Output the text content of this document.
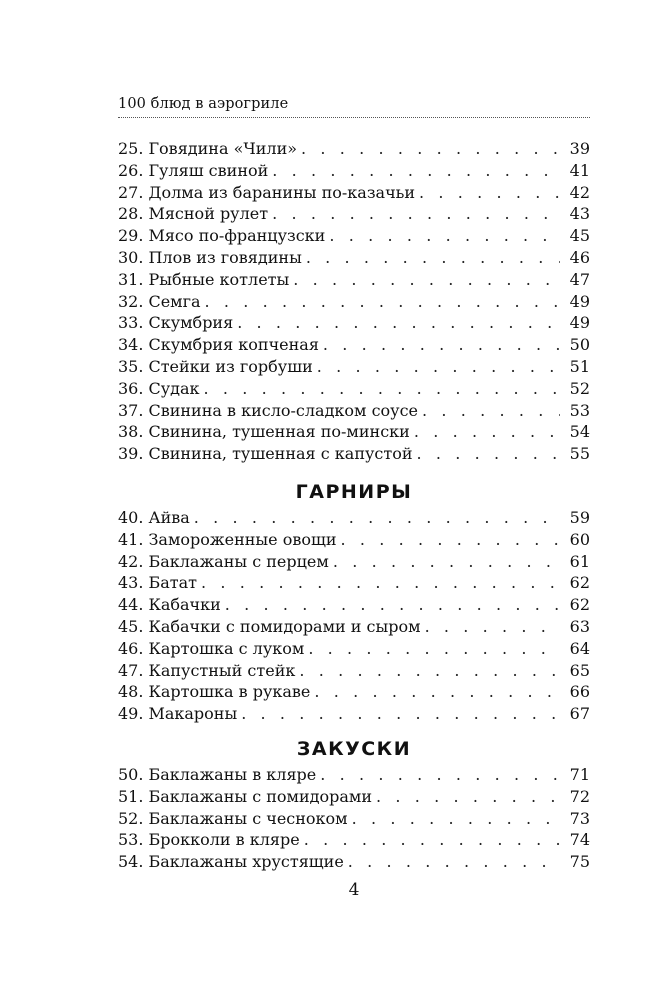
100 блюд в аэрогриле
25. Говядина «Чили» . . .	39
26. Гуляш свиной . . .	41
27. Долма из баранины по-казачьи . . .	42
28. Мясной рулет . . .	43
29. Мясо по-французски . . .	45
30. Плов из говядины . . .	46
31. Рыбные котлеты . . .	47
32. Семга . . .	49
33. Скумбрия . . .	49
34. Скумбрия копченая . . .	50
35. Стейки из горбуши . . .	51
36. Судак . . .	52
37. Свинина в кисло-сладком соусе . . .	53
38. Свинина, тушенная по-мински . . .	54
39. Свинина, тушенная с капустой . . .	55
ГАРНИРЫ
40. Айва . . .	59
41. Замороженные овощи . . .	60
42. Баклажаны с перцем . . .	61
43. Батат . . .	62
44. Кабачки . . .	62
45. Кабачки с помидорами и сыром . . .	63
46. Картошка с луком . . .	64
47. Капустный стейк . . .	65
48. Картошка в рукаве . . .	66
49. Макароны . . .	67
ЗАКУСКИ
50. Баклажаны в кляре . . .	71
51. Баклажаны с помидорами . . .	72
52. Баклажаны с чесноком . . .	73
53. Брокколи в кляре . . .	74
54. Баклажаны хрустящие . . .	75
4
